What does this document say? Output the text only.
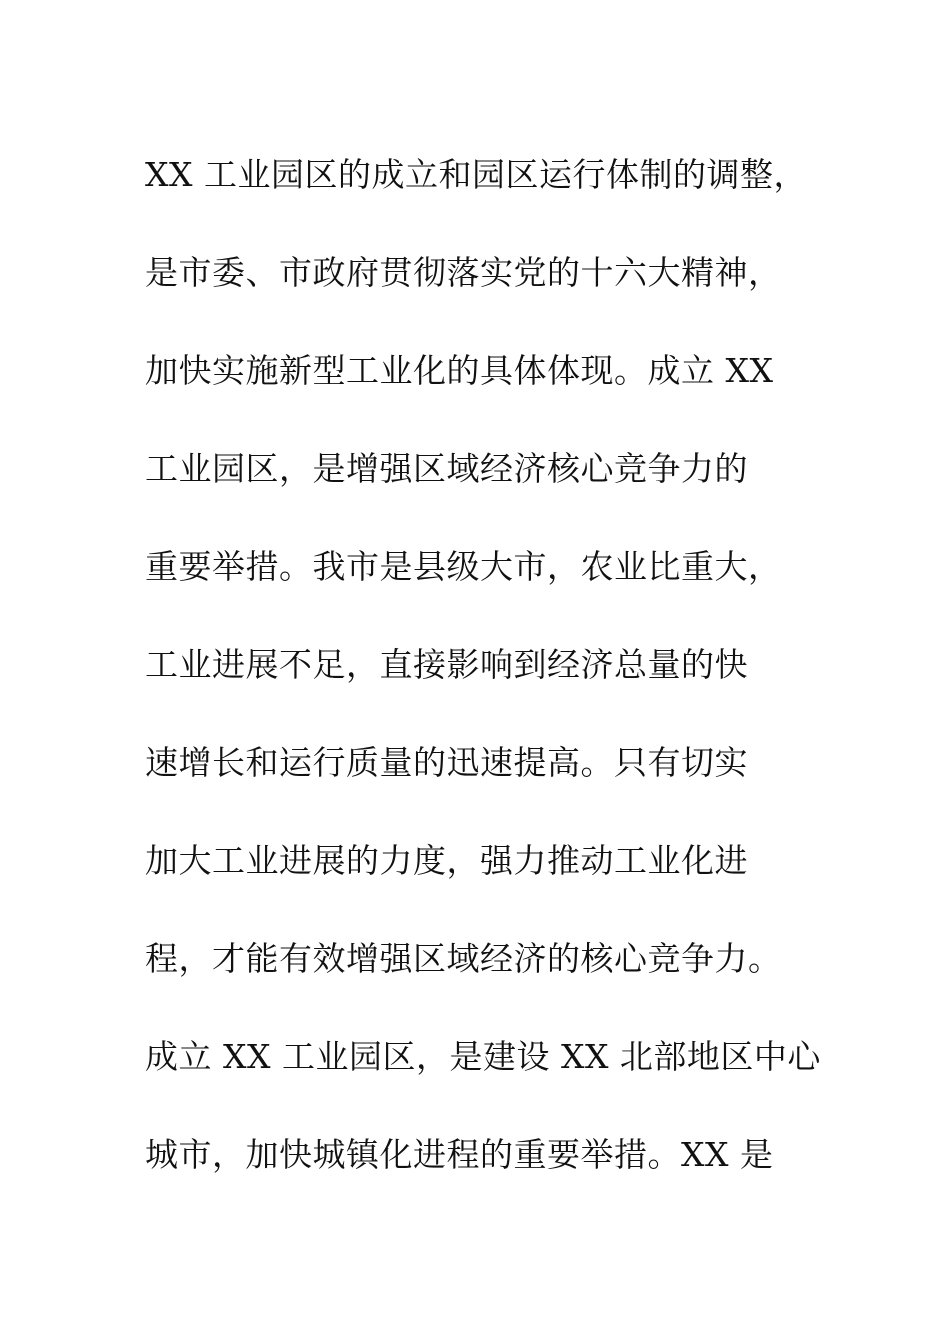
XX 工业园区的成立和园区运行体制的调整，
是市委、市政府贯彻落实党的十六大精神，
加快实施新型工业化的具体体现。成立 XX
工业园区，是增强区域经济核心竞争力的
重要举措。我市是县级大市，农业比重大，
工业进展不足，直接影响到经济总量的快
速增长和运行质量的迅速提高。只有切实
加大工业进展的力度，强力推动工业化进
程，才能有效增强区域经济的核心竞争力。
成立 XX 工业园区，是建设 XX 北部地区中心
城市，加快城镇化进程的重要举措。XX 是
